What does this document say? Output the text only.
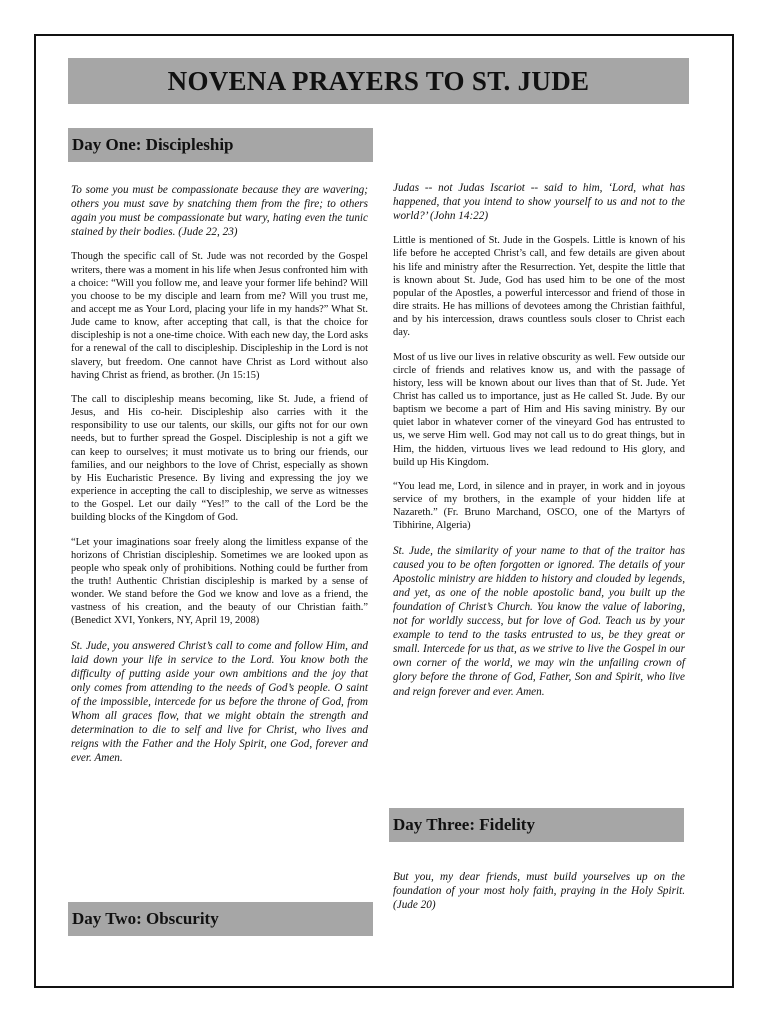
NOVENA PRAYERS TO ST. JUDE
Day One: Discipleship

To some you must be compassionate because they are wavering; others you must save by snatching them from the fire; to others again you must be compassionate but wary, hating even the tunic stained by their bodies. (Jude 22, 23)

Though the specific call of St. Jude was not recorded by the Gospel writers, there was a moment in his life when Jesus confronted him with a choice: “Will you follow me, and leave your former life behind? Will you choose to be my disciple and learn from me? Will you trust me, and accept me as Your Lord, placing your life in my hands?” What St. Jude came to know, after accepting that call, is that the choice for discipleship is not a one-time choice. With each new day, the Lord asks for a renewal of the call to discipleship. Discipleship in the Lord is not slavery, but freedom. One cannot have Christ as Lord without also having Christ as friend, as brother. (Jn 15:15)

The call to discipleship means becoming, like St. Jude, a friend of Jesus, and His co-heir. Discipleship also carries with it the responsibility to use our talents, our skills, our gifts not for our own needs, but to further spread the Gospel. Discipleship is not a gift we can keep to ourselves; it must motivate us to bring our friends, our families, and our neighbors to the love of Christ, especially as shown by His Eucharistic Presence. By living and expressing the joy we experience in accepting the call to discipleship, we serve as witnesses to the Gospel. Let our daily “Yes!” to the call of the Lord be the building blocks of the Kingdom of God.

“Let your imaginations soar freely along the limitless expanse of the horizons of Christian discipleship. Sometimes we are looked upon as people who speak only of prohibitions. Nothing could be further from the truth! Authentic Christian discipleship is marked by a sense of wonder. We stand before the God we know and love as a friend, the vastness of his creation, and the beauty of our Christian faith.” (Benedict XVI, Yonkers, NY, April 19, 2008)

St. Jude, you answered Christ’s call to come and follow Him, and laid down your life in service to the Lord. You know both the difficulty of putting aside your own ambitions and the joy that only comes from attending to the needs of God’s people. O saint of the impossible, intercede for us before the throne of God, from Whom all graces flow, that we might obtain the strength and determination to die to self and live for Christ, who lives and reigns with the Father and the Holy Spirit, one God, forever and ever. Amen.

Day Two: Obscurity

Judas -- not Judas Iscariot -- said to him, ‘Lord, what has happened, that you intend to show yourself to us and not to the world?’ (John 14:22)

Little is mentioned of St. Jude in the Gospels. Little is known of his life before he accepted Christ’s call, and few details are given about his life and ministry after the Resurrection. Yet, despite the little that is known about St. Jude, God has used him to be one of the most popular of the Apostles, a powerful intercessor and friend of those in dire straits. He has millions of devotees among the Christian faithful, and by his intercession, draws countless souls closer to Christ each day.

Most of us live our lives in relative obscurity as well. Few outside our circle of friends and relatives know us, and with the passage of history, less will be known about our lives than that of St. Jude. Yet Christ has called us to importance, just as He called St. Jude. By our baptism we become a part of Him and His saving ministry. By our quiet labor in whatever corner of the vineyard God has entrusted to us, we serve Him well. God may not call us to do great things, but in Him, the hidden, virtuous lives we lead redound to His glory, and build up His Kingdom.

“You lead me, Lord, in silence and in prayer, in work and in joyous service of my brothers, in the example of your hidden life at Nazareth.” (Fr. Bruno Marchand, OSCO, one of the Martyrs of Tibhirine, Algeria)

St. Jude, the similarity of your name to that of the traitor has caused you to be often forgotten or ignored. The details of your Apostolic ministry are hidden to history and clouded by legends, and yet, as one of the noble apostolic band, you built up the foundation of Christ’s Church. You know the value of laboring, not for worldly success, but for love of God. Teach us by your example to tend to the tasks entrusted to us, be they great or small. Intercede for us that, as we strive to live the Gospel in our own corner of the world, we may win the unfailing crown of glory before the throne of God, Father, Son and Spirit, who live and reign forever and ever. Amen.

Day Three: Fidelity

But you, my dear friends, must build yourselves up on the foundation of your most holy faith, praying in the Holy Spirit. (Jude 20)
